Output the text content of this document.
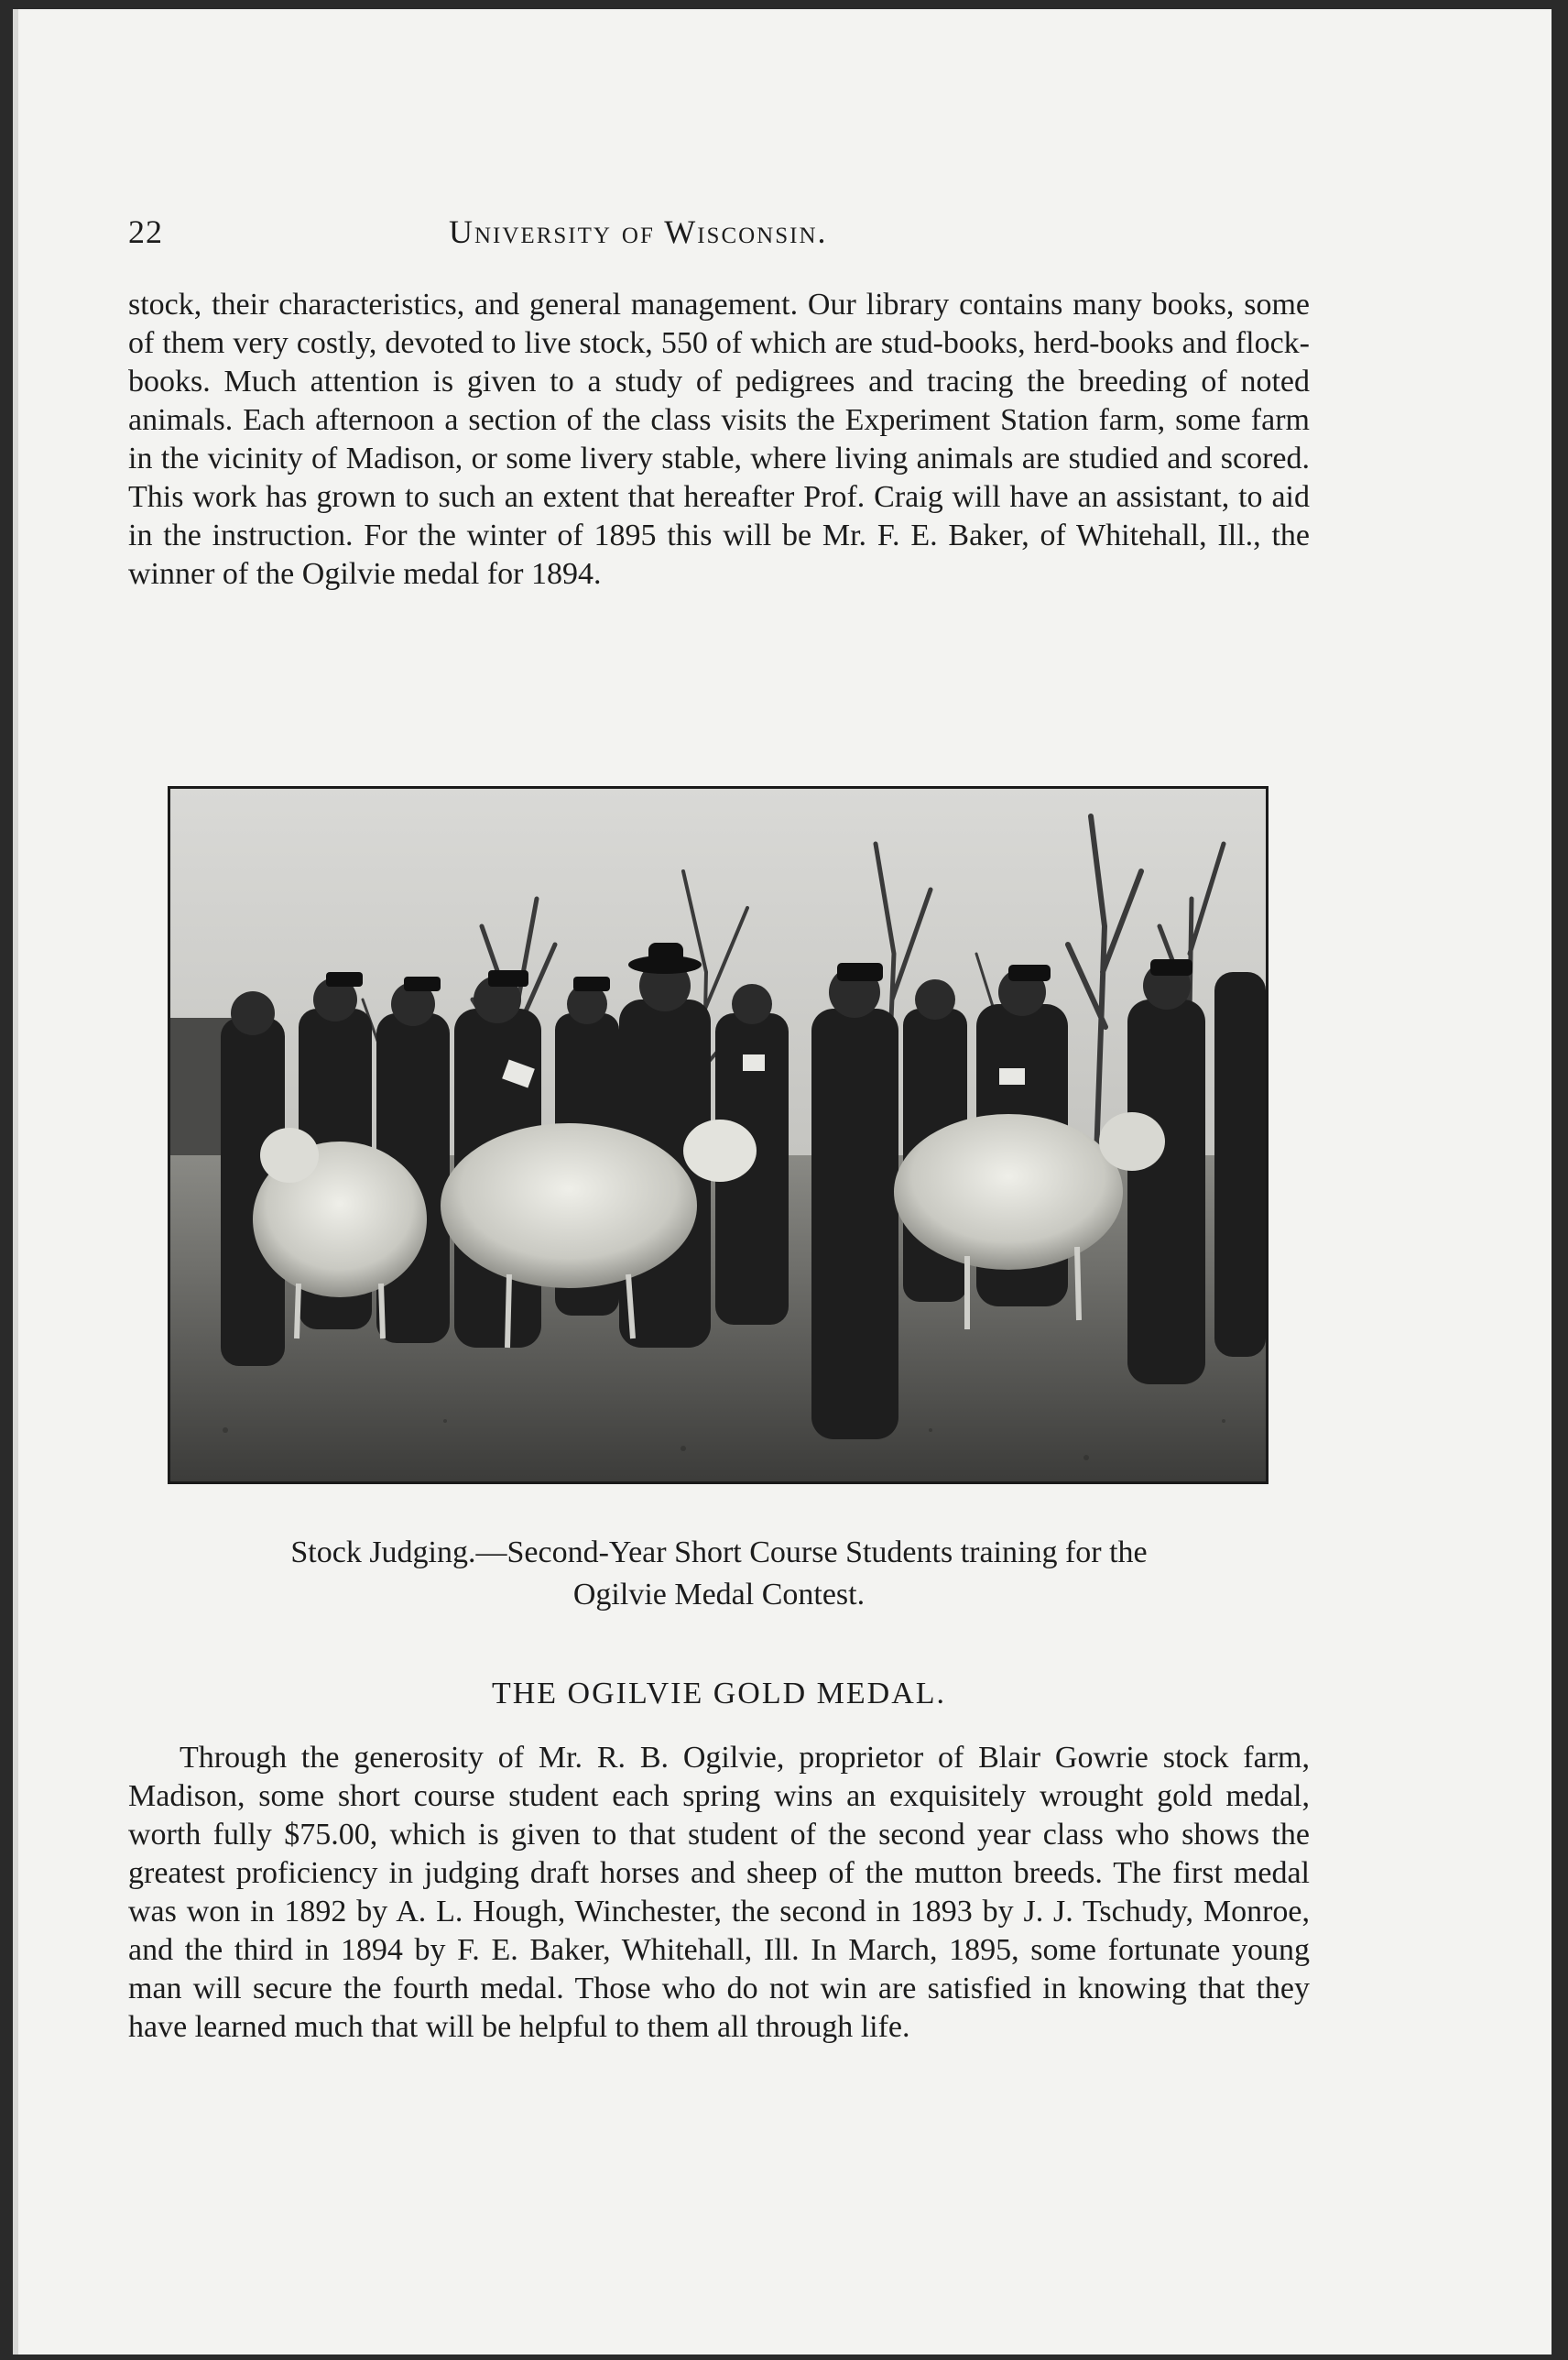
22	University of Wisconsin.

stock, their characteristics, and general management. Our library contains many books, some of them very costly, devoted to live stock, 550 of which are stud-books, herd-books and flock-books. Much attention is given to a study of pedigrees and tracing the breeding of noted animals. Each afternoon a section of the class visits the Experiment Station farm, some farm in the vicinity of Madison, or some livery stable, where living animals are studied and scored. This work has grown to such an extent that hereafter Prof. Craig will have an assistant, to aid in the instruction. For the winter of 1895 this will be Mr. F. E. Baker, of Whitehall, Ill., the winner of the Ogilvie medal for 1894.

Stock Judging.—Second-Year Short Course Students training for the
Ogilvie Medal Contest.

THE OGILVIE GOLD MEDAL.

Through the generosity of Mr. R. B. Ogilvie, proprietor of Blair Gowrie stock farm, Madison, some short course student each spring wins an exquisitely wrought gold medal, worth fully $75.00, which is given to that student of the second year class who shows the greatest proficiency in judging draft horses and sheep of the mutton breeds. The first medal was won in 1892 by A. L. Hough, Winchester, the second in 1893 by J. J. Tschudy, Monroe, and the third in 1894 by F. E. Baker, Whitehall, Ill. In March, 1895, some fortunate young man will secure the fourth medal. Those who do not win are satisfied in knowing that they have learned much that will be helpful to them all through life.
